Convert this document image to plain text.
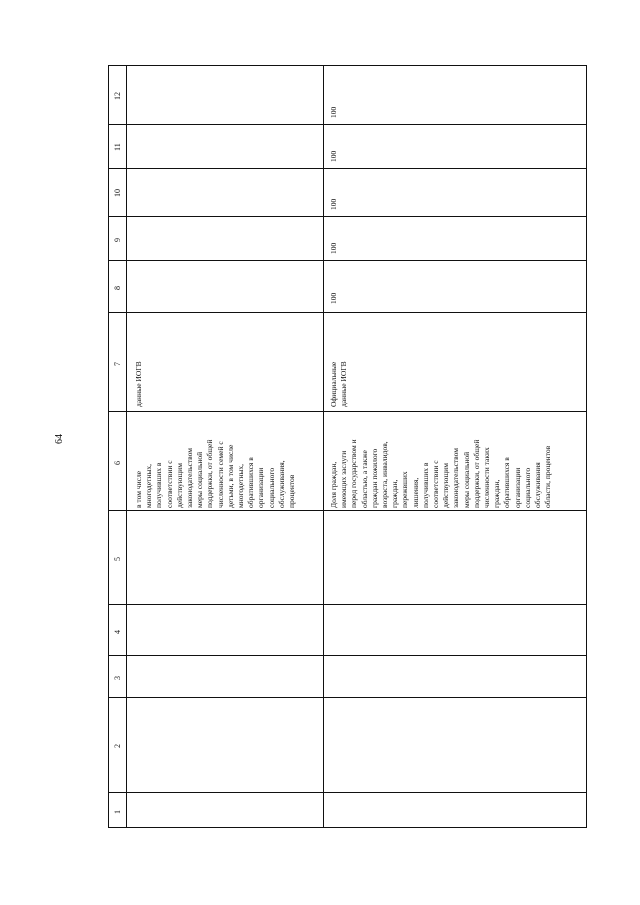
64
12
11
10
9
8
7
6
5
4
3
2
1
в том числе многодетных, получивших в соответствии с действующим законодательством меры социальной поддержки, от общей численности семей с детьми, в том числе многодетных, обратившихся в организации социального обслуживания, процентов
данные ИОГВ
Доля граждан, имеющих заслуги перед государством и областью, а также граждан пожилого возраста, инвалидов, граждан, пережвших лишения, получивших в соответствии с действующим законодательством меры социальной поддержки, от общей численности таких граждан, обратившихся в организации социального обслуживания области, процентов
Официальные данные ИОГВ
100
100
100
100
100
